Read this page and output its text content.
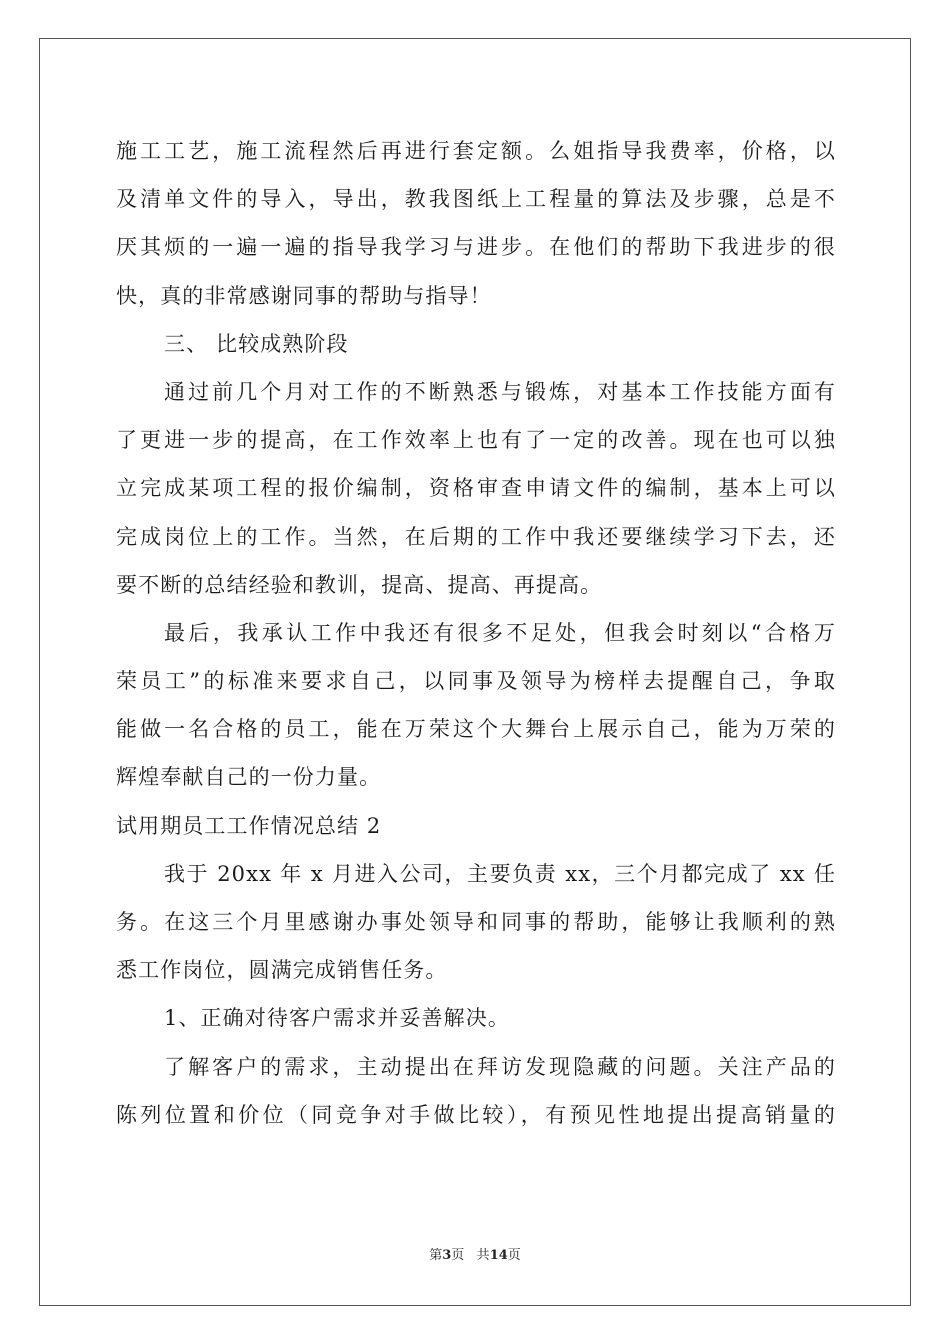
施工工艺，施工流程然后再进行套定额。么姐指导我费率，价格，以
及清单文件的导入，导出，教我图纸上工程量的算法及步骤，总是不
厌其烦的一遍一遍的指导我学习与进步。在他们的帮助下我进步的很
快，真的非常感谢同事的帮助与指导！
三、 比较成熟阶段
通过前几个月对工作的不断熟悉与锻炼，对基本工作技能方面有
了更进一步的提高，在工作效率上也有了一定的改善。现在也可以独
立完成某项工程的报价编制，资格审查申请文件的编制，基本上可以
完成岗位上的工作。当然，在后期的工作中我还要继续学习下去，还
要不断的总结经验和教训，提高、提高、再提高。
最后，我承认工作中我还有很多不足处，但我会时刻以“合格万
荣员工”的标准来要求自己，以同事及领导为榜样去提醒自己，争取
能做一名合格的员工，能在万荣这个大舞台上展示自己，能为万荣的
辉煌奉献自己的一份力量。
试用期员工工作情况总结 2
我于 20xx 年 x 月进入公司，主要负责 xx，三个月都完成了 xx 任
务。在这三个月里感谢办事处领导和同事的帮助，能够让我顺利的熟
悉工作岗位，圆满完成销售任务。
1、正确对待客户需求并妥善解决。
了解客户的需求，主动提出在拜访发现隐藏的问题。关注产品的
陈列位置和价位（同竞争对手做比较），有预见性地提出提高销量的
第3页 共14页
